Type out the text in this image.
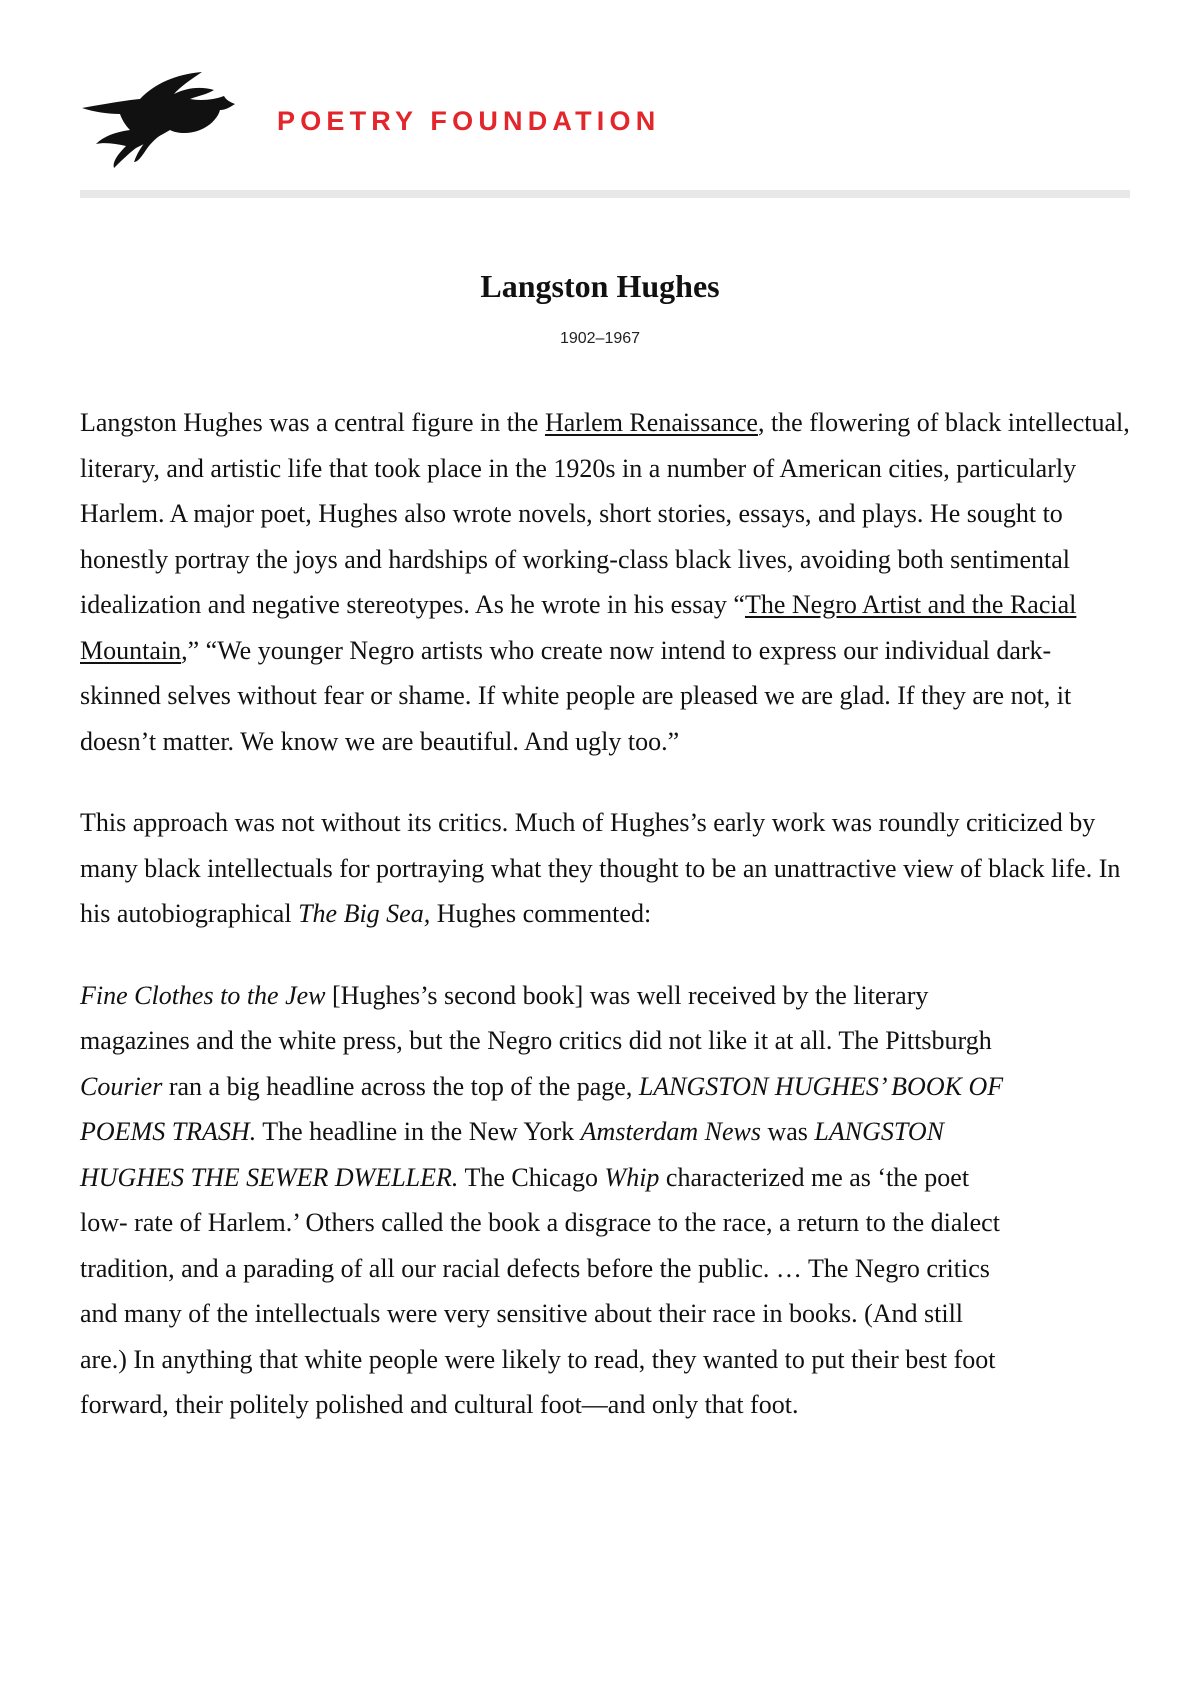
POETRY FOUNDATION
Langston Hughes
1902–1967

Langston Hughes was a central figure in the Harlem Renaissance, the flowering of black intellectual, literary, and artistic life that took place in the 1920s in a number of American cities, particularly Harlem. A major poet, Hughes also wrote novels, short stories, essays, and plays. He sought to honestly portray the joys and hardships of working-class black lives, avoiding both sentimental idealization and negative stereotypes. As he wrote in his essay “The Negro Artist and the Racial Mountain,” “We younger Negro artists who create now intend to express our individual dark-skinned selves without fear or shame. If white people are pleased we are glad. If they are not, it doesn’t matter. We know we are beautiful. And ugly too.”

This approach was not without its critics. Much of Hughes’s early work was roundly criticized by many black intellectuals for portraying what they thought to be an unattractive view of black life. In his autobiographical The Big Sea, Hughes commented:

Fine Clothes to the Jew [Hughes’s second book] was well received by the literary magazines and the white press, but the Negro critics did not like it at all. The Pittsburgh Courier ran a big headline across the top of the page, LANGSTON HUGHES’ BOOK OF POEMS TRASH. The headline in the New York Amsterdam News was LANGSTON HUGHES THE SEWER DWELLER. The Chicago Whip characterized me as ‘the poet low- rate of Harlem.’ Others called the book a disgrace to the race, a return to the dialect tradition, and a parading of all our racial defects before the public. … The Negro critics and many of the intellectuals were very sensitive about their race in books. (And still are.) In anything that white people were likely to read, they wanted to put their best foot forward, their politely polished and cultural foot—and only that foot.
